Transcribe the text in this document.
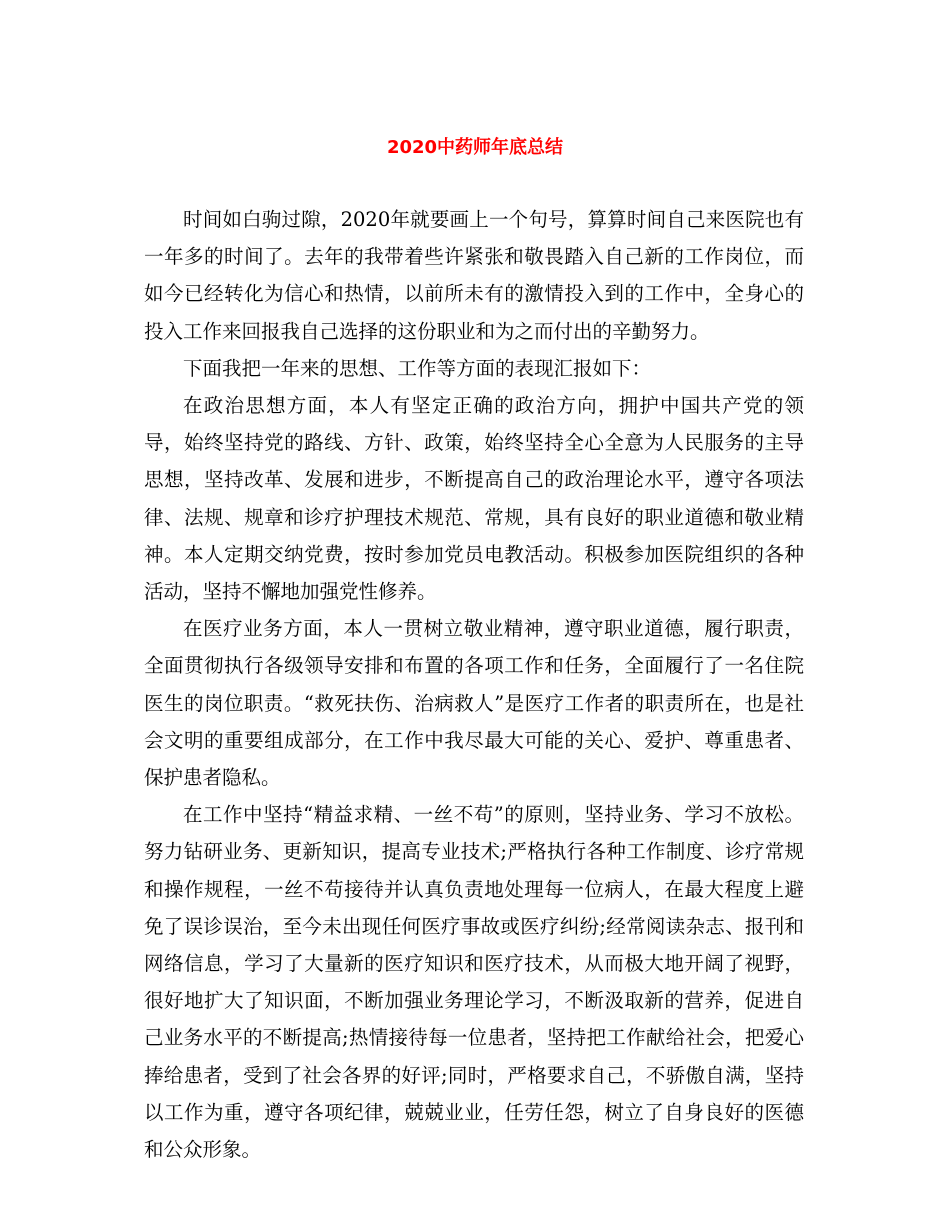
2020中药师年底总结

时间如白驹过隙，2020年就要画上一个句号，算算时间自己来医院也有一年多的时间了。去年的我带着些许紧张和敬畏踏入自己新的工作岗位，而如今已经转化为信心和热情，以前所未有的激情投入到的工作中，全身心的投入工作来回报我自己选择的这份职业和为之而付出的辛勤努力。

下面我把一年来的思想、工作等方面的表现汇报如下：

在政治思想方面，本人有坚定正确的政治方向，拥护中国共产党的领导，始终坚持党的路线、方针、政策，始终坚持全心全意为人民服务的主导思想，坚持改革、发展和进步，不断提高自己的政治理论水平，遵守各项法律、法规、规章和诊疗护理技术规范、常规，具有良好的职业道德和敬业精神。本人定期交纳党费，按时参加党员电教活动。积极参加医院组织的各种活动，坚持不懈地加强党性修养。

在医疗业务方面，本人一贯树立敬业精神，遵守职业道德，履行职责，全面贯彻执行各级领导安排和布置的各项工作和任务，全面履行了一名住院医生的岗位职责。“救死扶伤、治病救人”是医疗工作者的职责所在，也是社会文明的重要组成部分，在工作中我尽最大可能的关心、爱护、尊重患者、保护患者隐私。

在工作中坚持“精益求精、一丝不苟”的原则，坚持业务、学习不放松。努力钻研业务、更新知识，提高专业技术;严格执行各种工作制度、诊疗常规和操作规程，一丝不苟接待并认真负责地处理每一位病人，在最大程度上避免了误诊误治，至今未出现任何医疗事故或医疗纠纷;经常阅读杂志、报刊和网络信息，学习了大量新的医疗知识和医疗技术，从而极大地开阔了视野，很好地扩大了知识面，不断加强业务理论学习，不断汲取新的营养，促进自己业务水平的不断提高;热情接待每一位患者，坚持把工作献给社会，把爱心捧给患者，受到了社会各界的好评;同时，严格要求自己，不骄傲自满，坚持以工作为重，遵守各项纪律，兢兢业业，任劳任怨，树立了自身良好的医德和公众形象。
